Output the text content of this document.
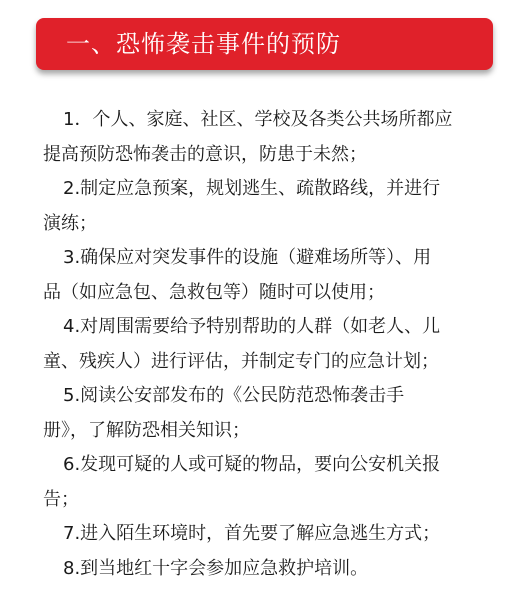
一、恐怖袭击事件的预防

1．个人、家庭、社区、学校及各类公共场所都应
提高预防恐怖袭击的意识，防患于未然；

2.制定应急预案，规划逃生、疏散路线，并进行
演练；

3.确保应对突发事件的设施（避难场所等）、用
品（如应急包、急救包等）随时可以使用；

4.对周围需要给予特别帮助的人群（如老人、儿
童、残疾人）进行评估，并制定专门的应急计划；

5.阅读公安部发布的《公民防范恐怖袭击手
册》，了解防恐相关知识；

6.发现可疑的人或可疑的物品，要向公安机关报
告；

7.进入陌生环境时，首先要了解应急逃生方式；

8.到当地红十字会参加应急救护培训。
